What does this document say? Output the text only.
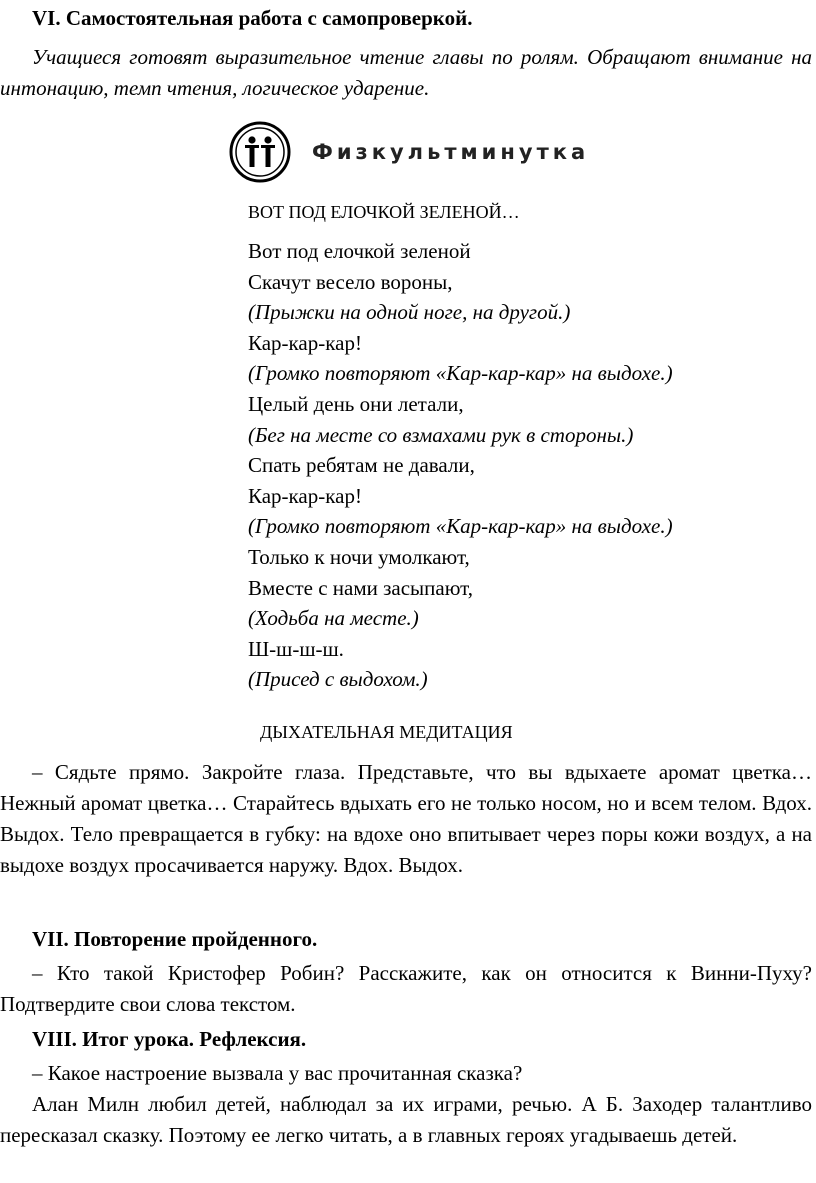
VI. Самостоятельная работа с самопроверкой.
Учащиеся готовят выразительное чтение главы по ролям. Обращают внимание на интонацию, темп чтения, логическое ударение.
Физкультминутка
ВОТ ПОД ЕЛОЧКОЙ ЗЕЛЕНОЙ…
Вот под елочкой зеленой
Скачут весело вороны,
(Прыжки на одной ноге, на другой.)
Кар-кар-кар!
(Громко повторяют «Кар-кар-кар» на выдохе.)
Целый день они летали,
(Бег на месте со взмахами рук в стороны.)
Спать ребятам не давали,
Кар-кар-кар!
(Громко повторяют «Кар-кар-кар» на выдохе.)
Только к ночи умолкают,
Вместе с нами засыпают,
(Ходьба на месте.)
Ш-ш-ш-ш.
(Присед с выдохом.)
ДЫХАТЕЛЬНАЯ МЕДИТАЦИЯ
– Сядьте прямо. Закройте глаза. Представьте, что вы вдыхаете аромат цветка… Нежный аромат цветка… Старайтесь вдыхать его не только носом, но и всем телом. Вдох. Выдох. Тело превращается в губку: на вдохе оно впитывает через поры кожи воздух, а на выдохе воздух просачивается наружу. Вдох. Выдох.
VII. Повторение пройденного.
– Кто такой Кристофер Робин? Расскажите, как он относится к Винни-Пуху? Подтвердите свои слова текстом.
VIII. Итог урока. Рефлексия.
– Какое настроение вызвала у вас прочитанная сказка?
Алан Милн любил детей, наблюдал за их играми, речью. А Б. Заходер талантливо пересказал сказку. Поэтому ее легко читать, а в главных героях угадываешь детей.
